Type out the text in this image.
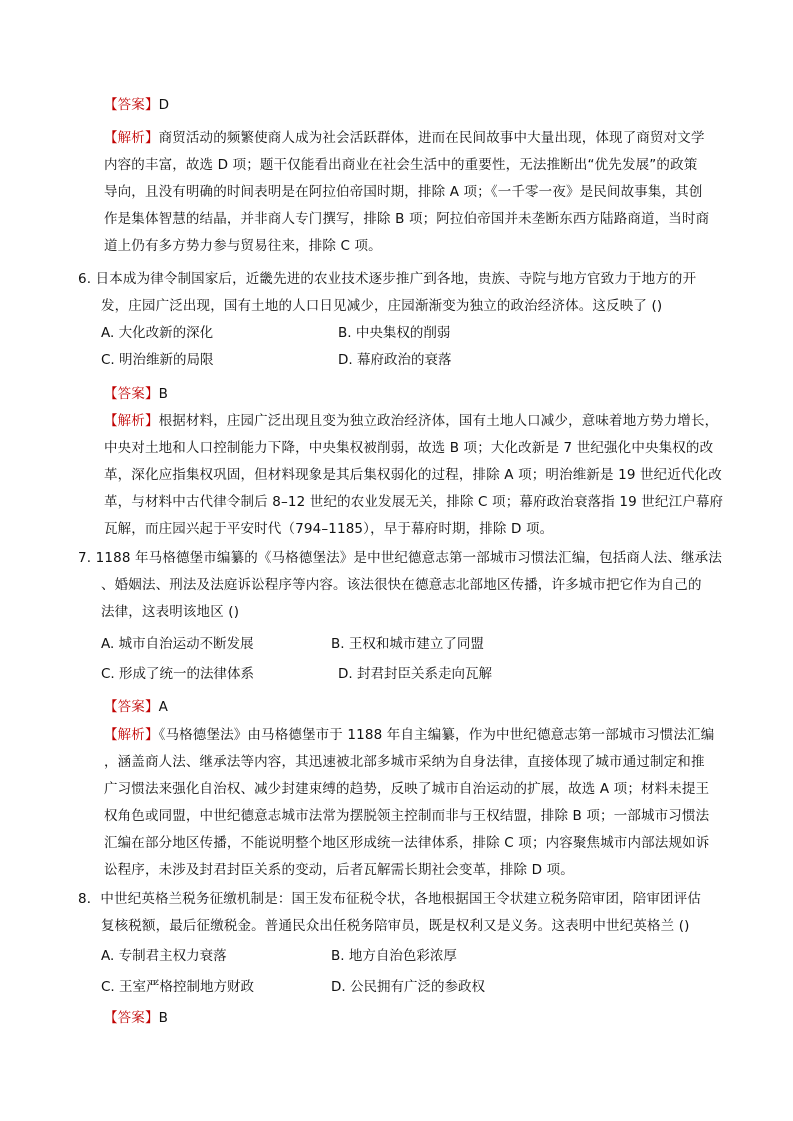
【答案】D
【解析】商贸活动的频繁使商人成为社会活跃群体，进而在民间故事中大量出现，体现了商贸对文学
内容的丰富，故选 D 项；题干仅能看出商业在社会生活中的重要性，无法推断出“优先发展”的政策
导向，且没有明确的时间表明是在阿拉伯帝国时期，排除 A 项；《一千零一夜》是民间故事集，其创
作是集体智慧的结晶，并非商人专门撰写，排除 B 项；阿拉伯帝国并未垄断东西方陆路商道，当时商
道上仍有多方势力参与贸易往来，排除 C 项。
6. 日本成为律令制国家后，近畿先进的农业技术逐步推广到各地，贵族、寺院与地方官致力于地方的开
发，庄园广泛出现，国有土地的人口日见减少，庄园渐渐变为独立的政治经济体。这反映了 ()
A. 大化改新的深化	B. 中央集权的削弱
C. 明治维新的局限	D. 幕府政治的衰落
【答案】B
【解析】根据材料，庄园广泛出现且变为独立政治经济体，国有土地人口减少，意味着地方势力增长，
中央对土地和人口控制能力下降，中央集权被削弱，故选 B 项；大化改新是 7 世纪强化中央集权的改
革，深化应指集权巩固，但材料现象是其后集权弱化的过程，排除 A 项；明治维新是 19 世纪近代化改
革，与材料中古代律令制后 8–12 世纪的农业发展无关，排除 C 项；幕府政治衰落指 19 世纪江户幕府
瓦解，而庄园兴起于平安时代（794–1185），早于幕府时期，排除 D 项。
7. 1188 年马格德堡市编纂的《马格德堡法》是中世纪德意志第一部城市习惯法汇编，包括商人法、继承法
、婚姻法、刑法及法庭诉讼程序等内容。该法很快在德意志北部地区传播，许多城市把它作为自己的
法律，这表明该地区 ()
A. 城市自治运动不断发展	B. 王权和城市建立了同盟
C. 形成了统一的法律体系	D. 封君封臣关系走向瓦解
【答案】A
【解析】《马格德堡法》由马格德堡市于 1188 年自主编纂，作为中世纪德意志第一部城市习惯法汇编
，涵盖商人法、继承法等内容，其迅速被北部多城市采纳为自身法律，直接体现了城市通过制定和推
广习惯法来强化自治权、减少封建束缚的趋势，反映了城市自治运动的扩展，故选 A 项；材料未提王
权角色或同盟，中世纪德意志城市法常为摆脱领主控制而非与王权结盟，排除 B 项；一部城市习惯法
汇编在部分地区传播，不能说明整个地区形成统一法律体系，排除 C 项；内容聚焦城市内部法规如诉
讼程序，未涉及封君封臣关系的变动，后者瓦解需长期社会变革，排除 D 项。
8．中世纪英格兰税务征缴机制是：国王发布征税令状，各地根据国王令状建立税务陪审团，陪审团评估
复核税额，最后征缴税金。普通民众出任税务陪审员，既是权利又是义务。这表明中世纪英格兰 ()
A. 专制君主权力衰落	B. 地方自治色彩浓厚
C. 王室严格控制地方财政	D. 公民拥有广泛的参政权
【答案】B
